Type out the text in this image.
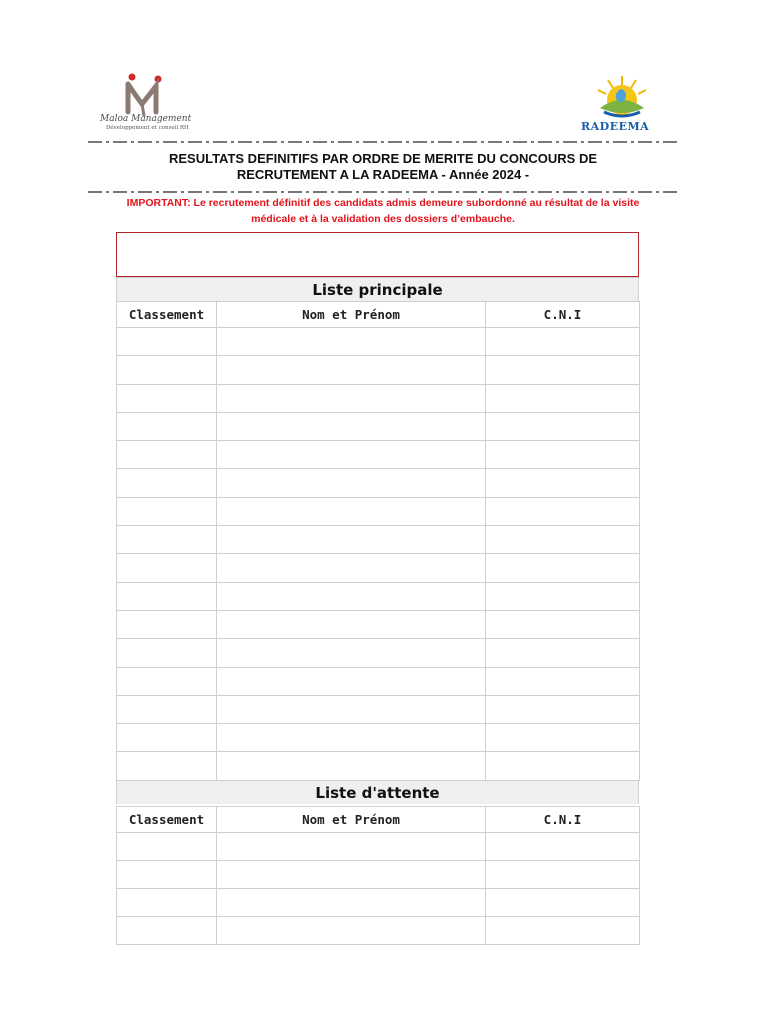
Maloa Management
Développement et conseil RH	RADEEMA
RESULTATS DEFINITIFS PAR ORDRE DE MERITE DU CONCOURS DE
RECRUTEMENT A LA RADEEMA - Année 2024 -
IMPORTANT: Le recrutement définitif des candidats admis demeure subordonné au résultat de la visite médicale et à la validation des dossiers d’embauche.
Liste principale
Classement	Nom et Prénom	C.N.I

Liste d'attente
Classement	Nom et Prénom	C.N.I
